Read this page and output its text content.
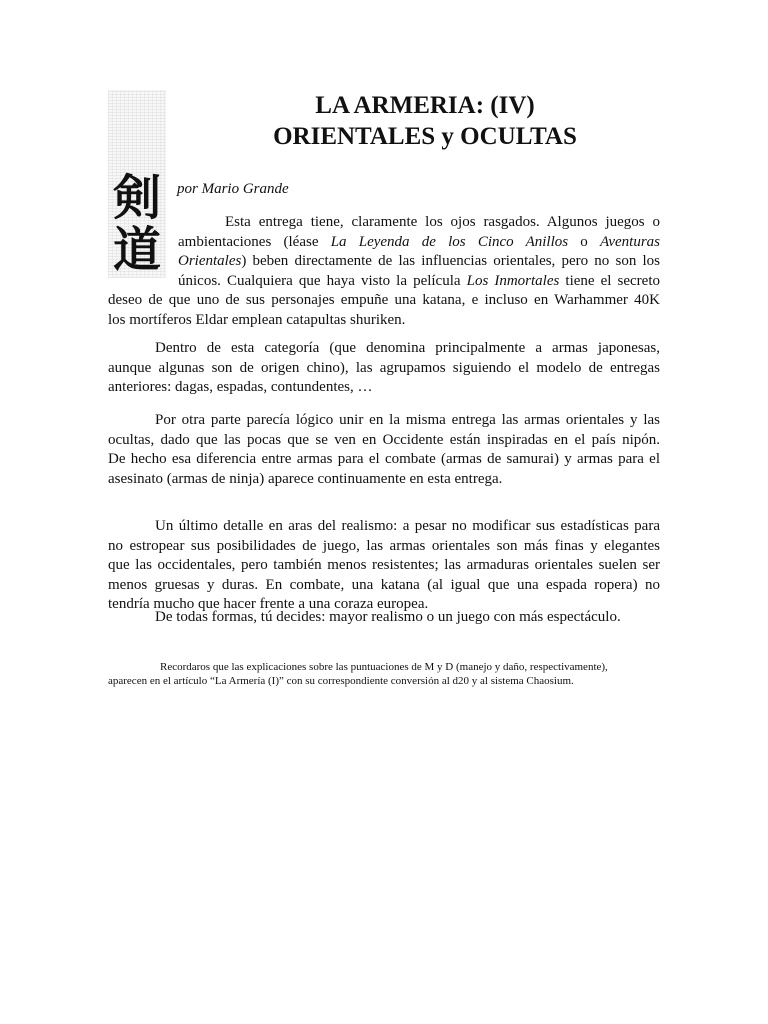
剣
道
LA ARMERIA: (IV)
ORIENTALES y OCULTAS
por Mario Grande
Esta entrega tiene, claramente los ojos rasgados. Algunos juegos o
ambientaciones (léase La Leyenda de los Cinco Anillos o Aventuras
Orientales) beben directamente de las influencias orientales, pero no son los
únicos. Cualquiera que haya visto la película Los Inmortales tiene el secreto
deseo de que uno de sus personajes empuñe una katana, e incluso en Warhammer 40K
los mortíferos Eldar emplean catapultas shuriken.
Dentro de esta categoría (que denomina principalmente a armas japonesas,
aunque algunas son de origen chino), las agrupamos siguiendo el modelo de entregas
anteriores: dagas, espadas, contundentes, …
Por otra parte parecía lógico unir en la misma entrega las armas orientales y las
ocultas, dado que las pocas que se ven en Occidente están inspiradas en el país nipón.
De hecho esa diferencia entre armas para el combate (armas de samurai) y armas para el
asesinato (armas de ninja) aparece continuamente en esta entrega.
Un último detalle en aras del realismo: a pesar no modificar sus estadísticas para
no estropear sus posibilidades de juego, las armas orientales son más finas y elegantes
que las occidentales, pero también menos resistentes; las armaduras orientales suelen ser
menos gruesas y duras. En combate, una katana (al igual que una espada ropera) no
tendría mucho que hacer frente a una coraza europea.
De todas formas, tú decides: mayor realismo o un juego con más espectáculo.
Recordaros que las explicaciones sobre las puntuaciones de M y D (manejo y daño, respectivamente),
aparecen en el artículo “La Armería (I)” con su correspondiente conversión al d20 y al sistema Chaosium.
